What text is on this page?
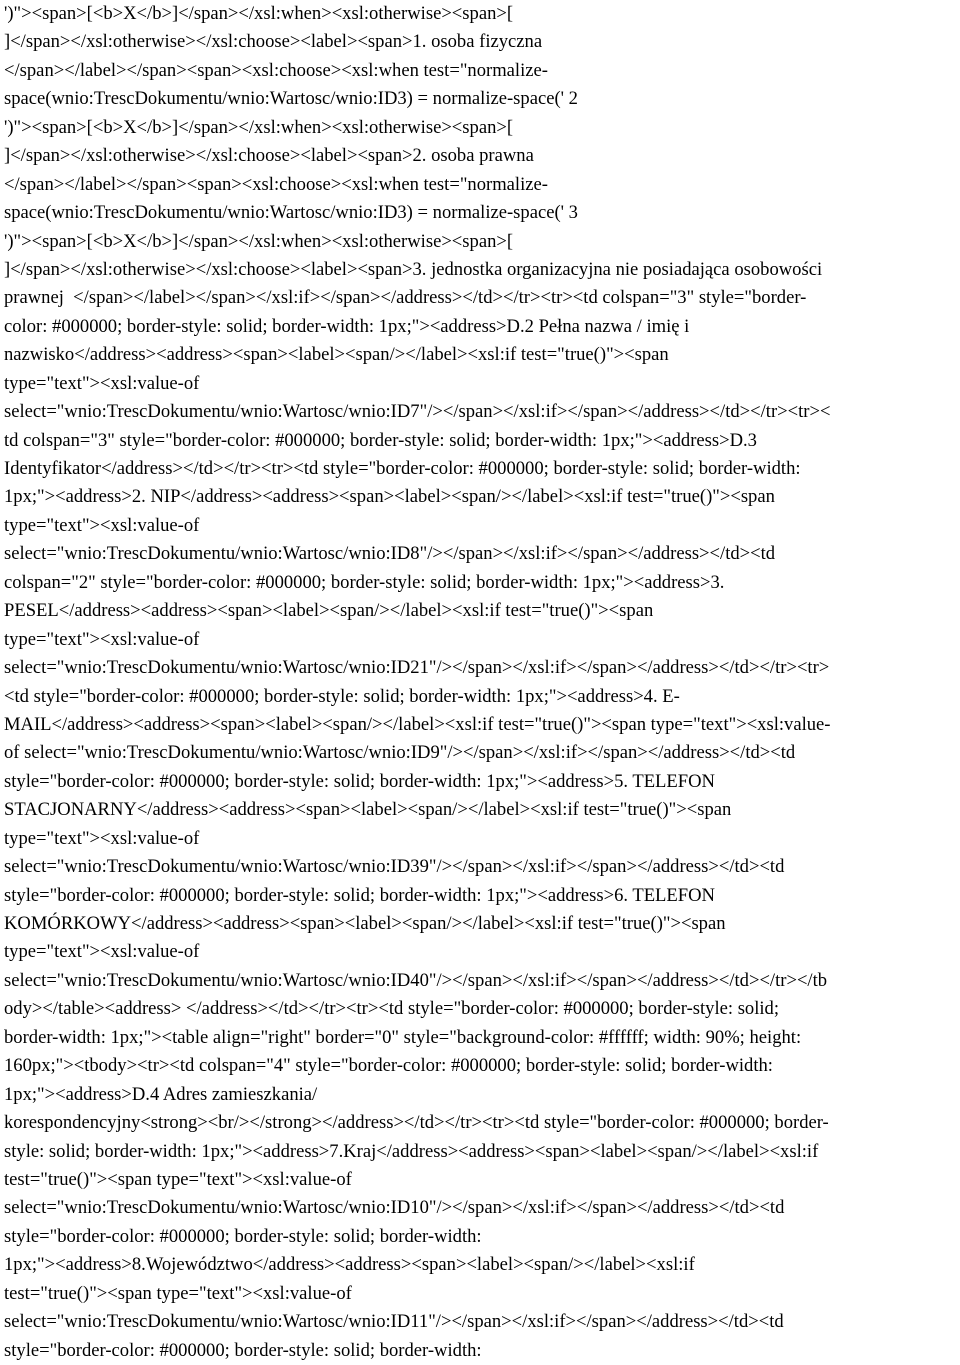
')"><span>[<b>X</b>]</span></xsl:when><xsl:otherwise><span>[
]</span></xsl:otherwise></xsl:choose><label><span>1. osoba fizyczna
</span></label></span><span><xsl:choose><xsl:when test="normalize-
space(wnio:TrescDokumentu/wnio:Wartosc/wnio:ID3) = normalize-space(' 2
')"><span>[<b>X</b>]</span></xsl:when><xsl:otherwise><span>[
]</span></xsl:otherwise></xsl:choose><label><span>2. osoba prawna
</span></label></span><span><xsl:choose><xsl:when test="normalize-
space(wnio:TrescDokumentu/wnio:Wartosc/wnio:ID3) = normalize-space(' 3
')"><span>[<b>X</b>]</span></xsl:when><xsl:otherwise><span>[
]</span></xsl:otherwise></xsl:choose><label><span>3. jednostka organizacyjna nie posiadająca osobowości
prawnej  </span></label></span></xsl:if></span></address></td></tr><tr><td colspan="3" style="border-
color: #000000; border-style: solid; border-width: 1px;"><address>D.2 Pełna nazwa / imię i
nazwisko</address><address><span><label><span/></label><xsl:if test="true()"><span
type="text"><xsl:value-of
select="wnio:TrescDokumentu/wnio:Wartosc/wnio:ID7"/></span></xsl:if></span></address></td></tr><tr><
td colspan="3" style="border-color: #000000; border-style: solid; border-width: 1px;"><address>D.3
Identyfikator</address></td></tr><tr><td style="border-color: #000000; border-style: solid; border-width:
1px;"><address>2. NIP</address><address><span><label><span/></label><xsl:if test="true()"><span
type="text"><xsl:value-of
select="wnio:TrescDokumentu/wnio:Wartosc/wnio:ID8"/></span></xsl:if></span></address></td><td
colspan="2" style="border-color: #000000; border-style: solid; border-width: 1px;"><address>3.
PESEL</address><address><span><label><span/></label><xsl:if test="true()"><span
type="text"><xsl:value-of
select="wnio:TrescDokumentu/wnio:Wartosc/wnio:ID21"/></span></xsl:if></span></address></td></tr><tr>
<td style="border-color: #000000; border-style: solid; border-width: 1px;"><address>4. E-
MAIL</address><address><span><label><span/></label><xsl:if test="true()"><span type="text"><xsl:value-
of select="wnio:TrescDokumentu/wnio:Wartosc/wnio:ID9"/></span></xsl:if></span></address></td><td
style="border-color: #000000; border-style: solid; border-width: 1px;"><address>5. TELEFON
STACJONARNY</address><address><span><label><span/></label><xsl:if test="true()"><span
type="text"><xsl:value-of
select="wnio:TrescDokumentu/wnio:Wartosc/wnio:ID39"/></span></xsl:if></span></address></td><td
style="border-color: #000000; border-style: solid; border-width: 1px;"><address>6. TELEFON
KOMÓRKOWY</address><address><span><label><span/></label><xsl:if test="true()"><span
type="text"><xsl:value-of
select="wnio:TrescDokumentu/wnio:Wartosc/wnio:ID40"/></span></xsl:if></span></address></td></tr></tb
ody></table><address> </address></td></tr><tr><td style="border-color: #000000; border-style: solid;
border-width: 1px;"><table align="right" border="0" style="background-color: #ffffff; width: 90%; height:
160px;"><tbody><tr><td colspan="4" style="border-color: #000000; border-style: solid; border-width:
1px;"><address>D.4 Adres zamieszkania/
korespondencyjny<strong><br/></strong></address></td></tr><tr><td style="border-color: #000000; border-
style: solid; border-width: 1px;"><address>7.Kraj</address><address><span><label><span/></label><xsl:if
test="true()"><span type="text"><xsl:value-of
select="wnio:TrescDokumentu/wnio:Wartosc/wnio:ID10"/></span></xsl:if></span></address></td><td
style="border-color: #000000; border-style: solid; border-width:
1px;"><address>8.Województwo</address><address><span><label><span/></label><xsl:if
test="true()"><span type="text"><xsl:value-of
select="wnio:TrescDokumentu/wnio:Wartosc/wnio:ID11"/></span></xsl:if></span></address></td><td
style="border-color: #000000; border-style: solid; border-width:
